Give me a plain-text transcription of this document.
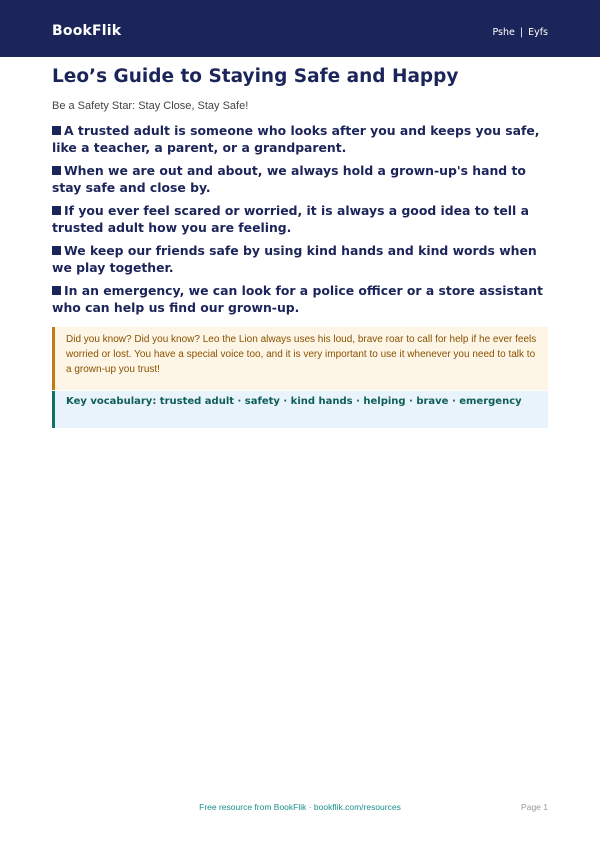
BookFlik	Pshe | Eyfs
Leo’s Guide to Staying Safe and Happy

Be a Safety Star: Stay Close, Stay Safe!

A trusted adult is someone who looks after you and keeps you safe, like a teacher, a parent, or a grandparent.
When we are out and about, we always hold a grown-up's hand to stay safe and close by.
If you ever feel scared or worried, it is always a good idea to tell a trusted adult how you are feeling.
We keep our friends safe by using kind hands and kind words when we play together.
In an emergency, we can look for a police officer or a store assistant who can help us find our grown-up.
Did you know? Did you know? Leo the Lion always uses his loud, brave roar to call for help if he ever feels worried or lost. You have a special voice too, and it is very important to use it whenever you need to talk to a grown-up you trust!
Key vocabulary: trusted adult · safety · kind hands · helping · brave · emergency
Free resource from BookFlik · bookflik.com/resources	Page 1
